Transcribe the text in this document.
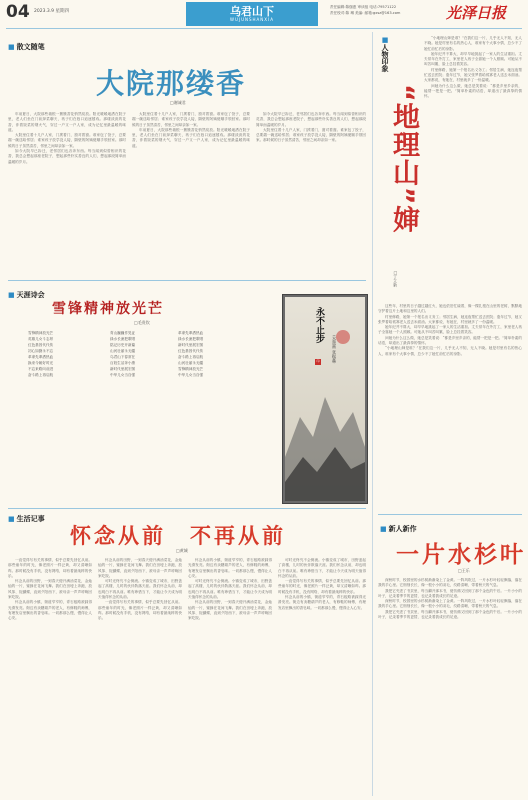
04 2023.3.9 星期四	乌君山下
WUJUNSHANXIA
责任编辑:陈伽惠 审读组 电话:79571122
责任校对:陈 琳 美编: 邮箱:gxsz@163.com	光泽日报
■ 散文随笔
大院那缕香
□谢诚君

年前夏日，大院那些墙根一簇簇香花悄然绽放。阳光暖暖地洒在院子里，老人们坐在门前择菜聊天，孩子们在巷口追逐嬉戏。那缕淡淡的花香，伴着饭菜的烟火气，穿过一户又一户人家，成为记忆里最温暖的味道。

大院里住着十几户人家，门挨着门，窗对着窗。谁家包了饺子，总要端一碗送给邻居；谁家孩子放学没人接，隔壁的阿姨便顺手领回家。那时候的日子虽然清苦，邻里之间却亲如一家。

如今大院早已拆迁，老邻居们也各奔东西。每当闻到似曾相识的花香，我总会想起那座老院子，想起那些朴实善良的人们，想起那段简单而温暖的岁月。

大院里住着十几户人家，门挨着门，窗对着窗。谁家包了饺子，总要端一碗送给邻居；谁家孩子放学没人接，隔壁的阿姨便顺手领回家。那时候的日子虽然清苦，邻里之间却亲如一家。

年前夏日，大院那些墙根一簇簇香花悄然绽放。阳光暖暖地洒在院子里，老人们坐在门前择菜聊天，孩子们在巷口追逐嬉戏。那缕淡淡的花香，伴着饭菜的烟火气，穿过一户又一户人家，成为记忆里最温暖的味道。

如今大院早已拆迁，老邻居们也各奔东西。每当闻到似曾相识的花香，我总会想起那座老院子，想起那些朴实善良的人们，想起那段简单而温暖的岁月。

大院里住着十几户人家，门挨着门，窗对着窗。谁家包了饺子，总要端一碗送给邻居；谁家孩子放学没人接，隔壁的阿姨便顺手领回家。那时候的日子虽然清苦，邻里之间却亲如一家。

■ 天涯诗会
雪锋精神放光芒
□毛贵钦
雪锋精神放光芒
英雄儿女斗志昂
红色基因代代传
初心如磐永不忘
革命先辈洒热血
换来今朝好时光
不忘来路向前进
奋斗路上再启航
青山巍巍作见证
绿水长流把歌唱
铭记历史开新篇
山河壮丽永无疆
乌君山下春常在
百姓生活奔小康
新时代里展宏图
中华儿女当自强
革命先辈洒热血
绿水长流把歌唱
新时代里展宏图
红色基因代代传
奋斗路上再启航
山河壮丽永无疆
雪锋精神放光芒
中华儿女当自强
永不止步
(水墨画 张振鑫)
印
■ 生活记事
怀念从前　不再从前
□黄城

一直觉得写有关的事情，似乎总要先回忆从前。那些童年的时光，像老照片一样泛黄，却又清晰如昨。那时候没有手机，没有网络，却有着最纯粹的快乐。

怀念从前的田野，一到春天便开满油菜花，金灿灿的一片，蜜蜂在花间飞舞。我们在田埂上奔跑，放风筝、捉蝴蝶，直到夕阳西下，被母亲一声声呼唤回家吃饭。

怀念从前的小镇，街道窄窄的，青石板路被踩得光滑发亮。街边有卖糖葫芦的老人，有修鞋的师傅，有理发店里飘出的香皂味。一切都那么慢，慢得让人心安。

怀念从前的田野，一到春天便开满油菜花，金灿灿的一片，蜜蜂在花间飞舞。我们在田埂上奔跑，放风筝、捉蝴蝶，直到夕阳西下，被母亲一声声呼唤回家吃饭。

可时光终究不会倒流。小镇变成了城市，田野盖起了高楼，儿时的伙伴散落天涯。我们怀念从前，却也明白不再从前。唯有珍惜当下，才能让今天成为明天值得怀念的从前。

一直觉得写有关的事情，似乎总要先回忆从前。那些童年的时光，像老照片一样泛黄，却又清晰如昨。那时候没有手机，没有网络，却有着最纯粹的快乐。

怀念从前的小镇，街道窄窄的，青石板路被踩得光滑发亮。街边有卖糖葫芦的老人，有修鞋的师傅，有理发店里飘出的香皂味。一切都那么慢，慢得让人心安。

可时光终究不会倒流。小镇变成了城市，田野盖起了高楼，儿时的伙伴散落天涯。我们怀念从前，却也明白不再从前。唯有珍惜当下，才能让今天成为明天值得怀念的从前。

怀念从前的田野，一到春天便开满油菜花，金灿灿的一片，蜜蜂在花间飞舞。我们在田埂上奔跑，放风筝、捉蝴蝶，直到夕阳西下，被母亲一声声呼唤回家吃饭。

可时光终究不会倒流。小镇变成了城市，田野盖起了高楼，儿时的伙伴散落天涯。我们怀念从前，却也明白不再从前。唯有珍惜当下，才能让今天成为明天值得怀念的从前。

一直觉得写有关的事情，似乎总要先回忆从前。那些童年的时光，像老照片一样泛黄，却又清晰如昨。那时候没有手机，没有网络，却有着最纯粹的快乐。

怀念从前的小镇，街道窄窄的，青石板路被踩得光滑发亮。街边有卖糖葫芦的老人，有修鞋的师傅，有理发店里飘出的香皂味。一切都那么慢，慢得让人心安。

■人物印象
“地理山”婶
□丁立新

“小地理山婶是谁？”在我们这一片，几乎无人不知，无人不晓。她是村里有名的热心人，谁家有个大事小情，总少不了她忙前忙后的身影。

她年纪并不算大，却早早地挑起了一家人的生活重担。丈夫常年在外打工，家里老人孩子全靠她一个人照顾。可她从不叫苦叫累，脸上总挂着笑容。

村里修路，她第一个报名出义务工；邻居生病，她连夜帮忙送去医院；逢年过节，她又张罗着给孤寡老人送去米面油。大家都说，有她在，村里就多了一份温暖。

问她为什么这么做，她总是笑着说：“都是乡里乡亲的，能帮一把是一把。”简单朴素的话语，却道出了最真挚的情怀。

这些年，村里的日子越过越红火，她也依旧忙碌着，像一棵扎根在山里的老树，默默地守护着这片土地和这里的人们。

村里修路，她第一个报名出义务工；邻居生病，她连夜帮忙送去医院；逢年过节，她又张罗着给孤寡老人送去米面油。大家都说，有她在，村里就多了一份温暖。

她年纪并不算大，却早早地挑起了一家人的生活重担。丈夫常年在外打工，家里老人孩子全靠她一个人照顾。可她从不叫苦叫累，脸上总挂着笑容。

问她为什么这么做，她总是笑着说：“都是乡里乡亲的，能帮一把是一把。”简单朴素的话语，却道出了最真挚的情怀。

“小地理山婶是谁？”在我们这一片，几乎无人不知，无人不晓。她是村里有名的热心人，谁家有个大事小情，总少不了她忙前忙后的身影。

■ 新人新作
一片水杉叶
□王乐

深秋时节，校园里的水杉树渐渐染上了金黄。一阵风吹过，一片水杉叶轻轻飘落，落在我的手心里。它细细长长，像一根小小的羽毛，纹路清晰，带着秋天的气息。

我把它夹进了书页里，每当翻开那本书，便仿佛又回到了那个金色的午后。一片小小的叶子，记录着季节的更替，也记录着我成长的足迹。

深秋时节，校园里的水杉树渐渐染上了金黄。一阵风吹过，一片水杉叶轻轻飘落，落在我的手心里。它细细长长，像一根小小的羽毛，纹路清晰，带着秋天的气息。

我把它夹进了书页里，每当翻开那本书，便仿佛又回到了那个金色的午后。一片小小的叶子，记录着季节的更替，也记录着我成长的足迹。
